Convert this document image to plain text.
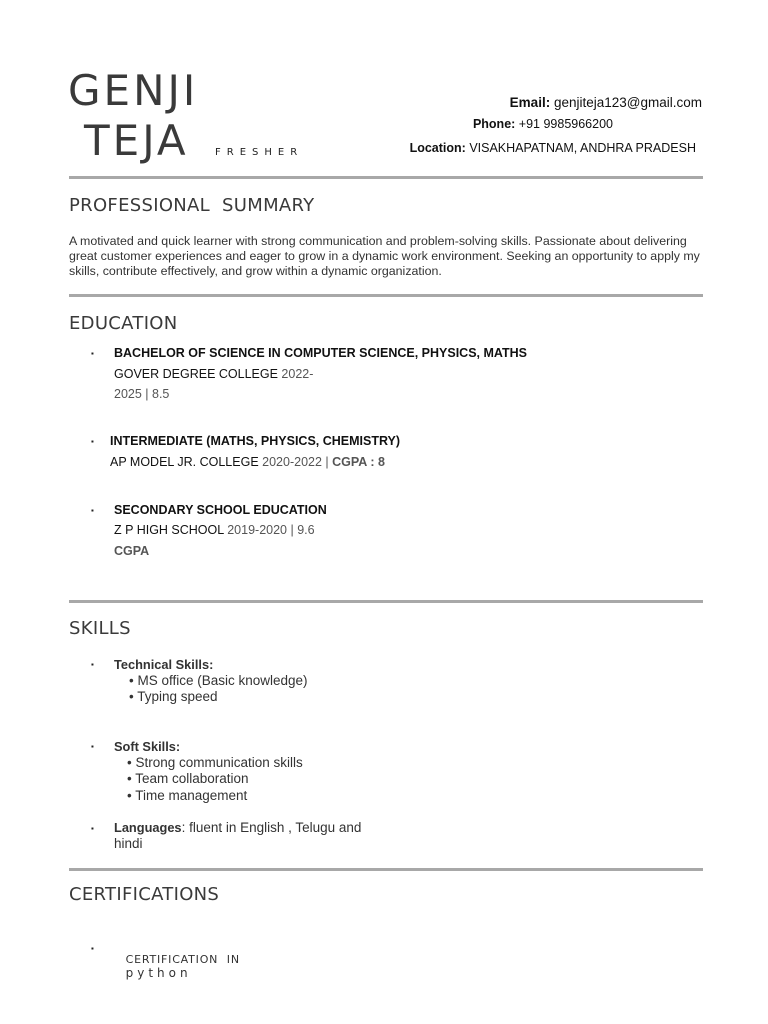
GENJI
TEJA	FRESHER
Email: genjiteja123@gmail.com
Phone: +91 9985966200
Location: VISAKHAPATNAM, ANDHRA PRADESH
PROFESSIONAL  SUMMARY
A motivated and quick learner with strong communication and problem-solving skills. Passionate about delivering great customer experiences and eager to grow in a dynamic work environment. Seeking an opportunity to apply my skills, contribute effectively, and grow within a dynamic organization.
EDUCATION
▪ BACHELOR OF SCIENCE IN COMPUTER SCIENCE, PHYSICS, MATHS
GOVER DEGREE COLLEGE 2022-
2025 | 8.5
▪ INTERMEDIATE (MATHS, PHYSICS, CHEMISTRY)
AP MODEL JR. COLLEGE 2020-2022 | CGPA : 8
▪ SECONDARY SCHOOL EDUCATION
Z P HIGH SCHOOL 2019-2020 | 9.6
CGPA
SKILLS
▪ Technical Skills:
• MS office (Basic knowledge)
• Typing speed
▪ Soft Skills:
• Strong communication skills
• Team collaboration
• Time management
▪ Languages: fluent in English , Telugu and
hindi
CERTIFICATIONS
▪

CERTIFICATION  IN
python
